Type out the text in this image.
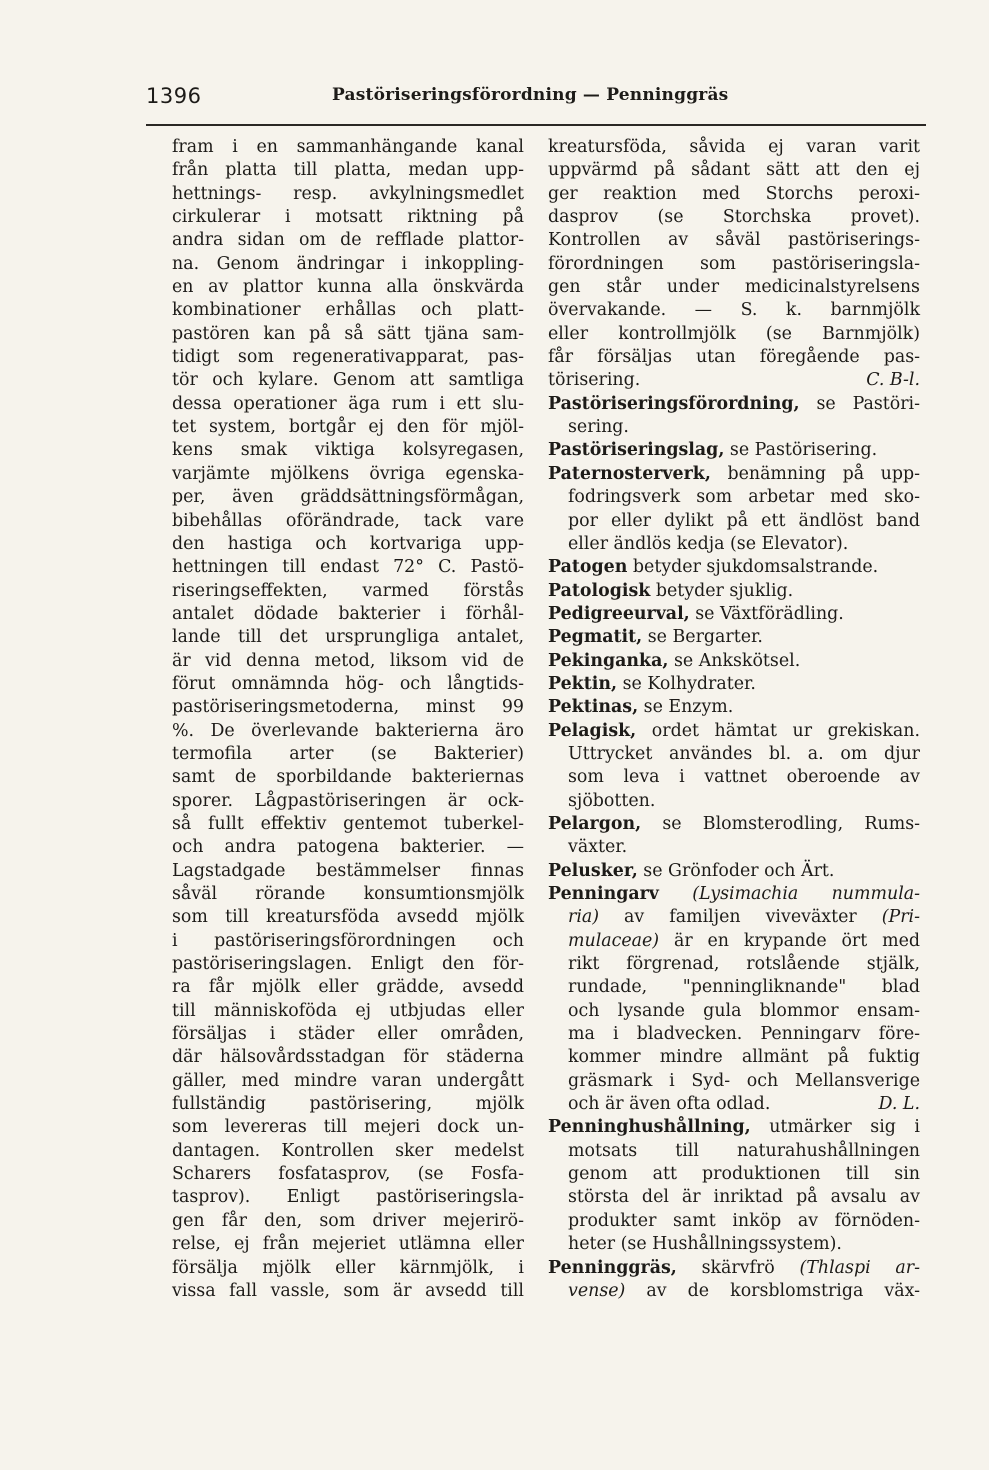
1396	Pastöriseringsförordning — Penninggräs
fram i en sammanhängande kanal
från platta till platta, medan upp-
hettnings- resp. avkylningsmedlet
cirkulerar i motsatt riktning på
andra sidan om de refflade plattor-
na. Genom ändringar i inkoppling-
en av plattor kunna alla önskvärda
kombinationer erhållas och platt-
pastören kan på så sätt tjäna sam-
tidigt som regenerativapparat, pas-
tör och kylare. Genom att samtliga
dessa operationer äga rum i ett slu-
tet system, bortgår ej den för mjöl-
kens smak viktiga kolsyregasen,
varjämte mjölkens övriga egenska-
per, även gräddsättningsförmågan,
bibehållas oförändrade, tack vare
den hastiga och kortvariga upp-
hettningen till endast 72° C. Pastö-
riseringseffekten, varmed förstås
antalet dödade bakterier i förhål-
lande till det ursprungliga antalet,
är vid denna metod, liksom vid de
förut omnämnda hög- och långtids-
pastöriseringsmetoderna, minst 99
%. De överlevande bakterierna äro
termofila arter (se Bakterier)
samt de sporbildande bakteriernas
sporer. Lågpastöriseringen är ock-
så fullt effektiv gentemot tuberkel-
och andra patogena bakterier. —
Lagstadgade bestämmelser finnas
såväl rörande konsumtionsmjölk
som till kreatursföda avsedd mjölk
i pastöriseringsförordningen och
pastöriseringslagen. Enligt den för-
ra får mjölk eller grädde, avsedd
till människoföda ej utbjudas eller
försäljas i städer eller områden,
där hälsovårdsstadgan för städerna
gäller, med mindre varan undergått
fullständig pastörisering, mjölk
som levereras till mejeri dock un-
dantagen. Kontrollen sker medelst
Scharers fosfatasprov, (se Fosfa-
tasprov). Enligt pastöriseringsla-
gen får den, som driver mejerirö-
relse, ej från mejeriet utlämna eller
försälja mjölk eller kärnmjölk, i
vissa fall vassle, som är avsedd till
kreatursföda, såvida ej varan varit
uppvärmd på sådant sätt att den ej
ger reaktion med Storchs peroxi-
dasprov (se Storchska provet).
Kontrollen av såväl pastöriserings-
förordningen som pastöriseringsla-
gen står under medicinalstyrelsens
övervakande. — S. k. barnmjölk
eller kontrollmjölk (se Barnmjölk)
får försäljas utan föregående pas-
törisering.	C. B-l.
Pastöriseringsförordning, se Pastöri-
sering.
Pastöriseringslag, se Pastörisering.
Paternosterverk, benämning på upp-
fodringsverk som arbetar med sko-
por eller dylikt på ett ändlöst band
eller ändlös kedja (se Elevator).
Patogen betyder sjukdomsalstrande.
Patologisk betyder sjuklig.
Pedigreeurval, se Växtförädling.
Pegmatit, se Bergarter.
Pekinganka, se Ankskötsel.
Pektin, se Kolhydrater.
Pektinas, se Enzym.
Pelagisk, ordet hämtat ur grekiskan.
Uttrycket användes bl. a. om djur
som leva i vattnet oberoende av
sjöbotten.
Pelargon, se Blomsterodling, Rums-
växter.
Pelusker, se Grönfoder och Ärt.
Penningarv (Lysimachia nummula-
ria) av familjen viveväxter (Pri-
mulaceae) är en krypande ört med
rikt förgrenad, rotslående stjälk,
rundade, "penningliknande" blad
och lysande gula blommor ensam-
ma i bladvecken. Penningarv före-
kommer mindre allmänt på fuktig
gräsmark i Syd- och Mellansverige
och är även ofta odlad.	D. L.
Penninghushållning, utmärker sig i
motsats till naturahushållningen
genom att produktionen till sin
största del är inriktad på avsalu av
produkter samt inköp av förnöden-
heter (se Hushållningssystem).
Penninggräs, skärvfrö (Thlaspi ar-
vense) av de korsblomstriga väx-
